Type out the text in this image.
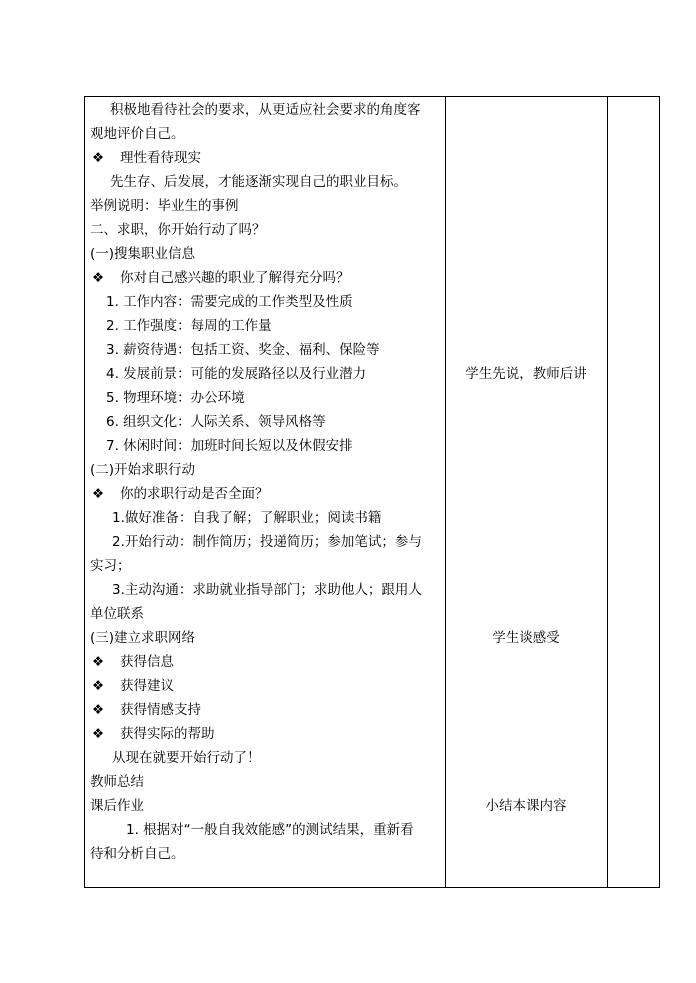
积极地看待社会的要求，从更适应社会要求的角度客
观地评价自己。
❖ 理性看待现实
先生存、后发展，才能逐渐实现自己的职业目标。
举例说明：毕业生的事例
二、求职，你开始行动了吗？
(一)搜集职业信息
❖ 你对自己感兴趣的职业了解得充分吗？
1. 工作内容：需要完成的工作类型及性质
2. 工作强度：每周的工作量
3. 薪资待遇：包括工资、奖金、福利、保险等
4. 发展前景：可能的发展路径以及行业潜力
5. 物理环境：办公环境
6. 组织文化：人际关系、领导风格等
7. 休闲时间：加班时间长短以及休假安排
(二)开始求职行动
❖ 你的求职行动是否全面？
1.做好准备：自我了解；了解职业；阅读书籍
2.开始行动：制作简历；投递简历；参加笔试；参与
实习；
3.主动沟通：求助就业指导部门；求助他人；跟用人
单位联系
(三)建立求职网络
❖ 获得信息
❖ 获得建议
❖ 获得情感支持
❖ 获得实际的帮助
从现在就要开始行动了！
教师总结
课后作业
1. 根据对“一般自我效能感”的测试结果，重新看
待和分析自己。
学生先说，教师后讲
学生谈感受
小结本课内容
